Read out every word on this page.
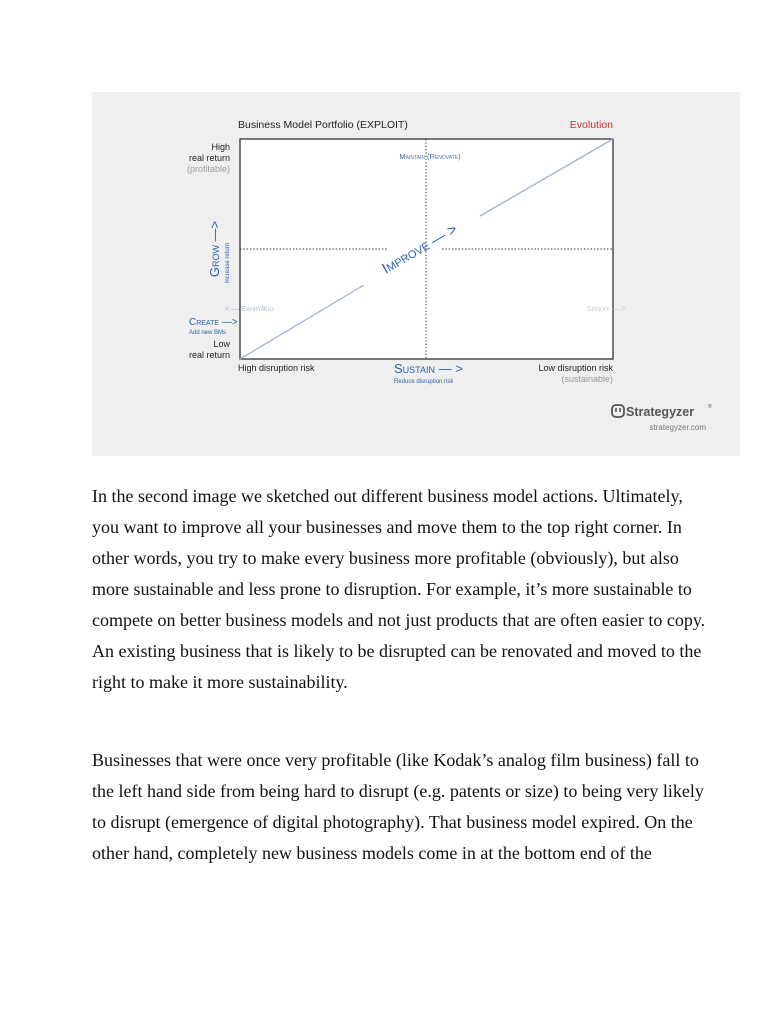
Business Model Portfolio (EXPLOIT)	Evolution
Maintain (Renovate)
Improve — >
High
real return
(profitable)
Grow —> increase return
< — Expiry/Kill	Spinoff — >
Create —>
Add new BMs
Low
real return
High disruption risk	Sustain — >
Reduce disruption risk
Low disruption risk
(sustainable)
Strategyzer	®
strategyzer.com

In the second image we sketched out different business model actions. Ultimately, you want to improve all your businesses and move them to the top right corner. In other words, you try to make every business more profitable (obviously), but also more sustainable and less prone to disruption. For example, it’s more sustainable to compete on better business models and not just products that are often easier to copy. An existing business that is likely to be disrupted can be renovated and moved to the right to make it more sustainability.

Businesses that were once very profitable (like Kodak’s analog film business) fall to the left hand side from being hard to disrupt (e.g. patents or size) to being very likely to disrupt (emergence of digital photography). That business model expired. On the other hand, completely new business models come in at the bottom end of the
